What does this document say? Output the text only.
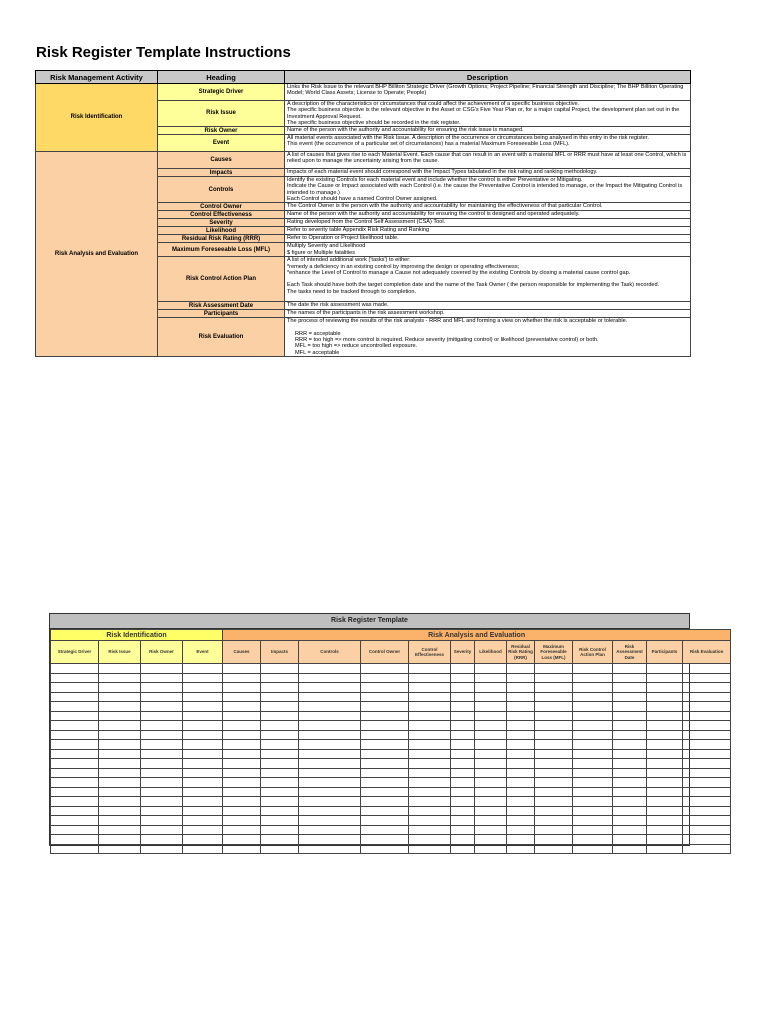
Risk Register Template Instructions
Risk Management Activity	Heading	Description
Risk Identification	Strategic Driver	Links the Risk Issue to the relevant BHP Billiton Strategic Driver (Growth Options; Project Pipeline; Financial Strength and Discipline; The BHP Billiton Operating Model; World Class Assets; License to Operate; People)

	Risk Issue	A description of the characteristics or circumstances that could affect the achievement of a specific business objective.
The specific business objective is the relevant objective in the Asset or CSG's Five Year Plan or, for a major capital Project, the development plan set out in the Investment Approval Request.
The specific business objective should be recorded in the risk register.

	Risk Owner	Name of the person with the authority and accountability for ensuring the risk issue is managed.

	Event	All material events associated with the Risk Issue. A description of the occurrence or circumstances being analysed in this entry in the risk register.
This event (the occurrence of a particular set of circumstances) has a material Maximum Foreseeable Loss (MFL).

Risk Analysis and Evaluation	Causes	A list of causes that gives rise to each Material Event. Each cause that can result in an event with a material MFL or RRR must have at least one Control, which is relied upon to manage the uncertainty arising from the cause.

	Impacts	Impacts of each material event should correspond with the Impact Types tabulated in the risk rating and ranking methodology.

	Controls	Identify the existing Controls for each material event and include whether the control is either Preventative or Mitigating.
Indicate the Cause or Impact associated with each Control (i.e. the cause the Preventative Control is intended to manage, or the Impact the Mitigating Control is intended to manage.)
Each Control should have a named Control Owner assigned.

	Control Owner	The Control Owner is the person with the authority and accountability for maintaining the effectiveness of that particular Control.

	Control Effectiveness	Name of the person with the authority and accountability for ensuring the control is designed and operated adequately.

	Severity	Rating developed from the Control Self Assessment (CSA) Tool.

	Likelihood	Refer to severity table Appendix Risk Rating and Ranking

	Residual Risk Rating (RRR)	Refer to Operation or Project likelihood table.

	Maximum Foreseeable Loss (MFL)	Multiply Severity and Likelihood
$ figure or Multiple fatalities

	Risk Control Action Plan	A list of intended additional work ('tasks') to either:
*remedy a deficiency in an existing control by improving the design or operating effectiveness;
*enhance the Level of Control to manage a Cause not adequately covered by the existing Controls by closing a material cause control gap.
Each Task should have both the target completion date and the name of the Task Owner ( the person responsible for implementing the Task) recorded.
The tasks need to be tracked through to completion.

	Risk Assessment Date	The date the risk assessment was made.

	Participants	The names of the participants in the risk assessment workshop.

	Risk Evaluation	The process of reviewing the results of the risk analysis - RRR and MFL and forming a view on whether the risk is acceptable or tolerable.
RRR = acceptable
RRR = too high => more control is required. Reduce severity (mitigating control) or likelihood (preventative control) or both.
MFL = too high => reduce uncontrolled exposure.
MFL = acceptable
Risk Register Template
Risk Identification				Risk Analysis and Evaluation												
Strategic Driver	Risk Issue	Risk Owner	Event	Causes	Impacts	Controls	Control Owner	Control Effectiveness	Severity	Likelihood	Residual Risk Rating (RRR)	Maximum Foreseeable Loss (MFL)	Risk Control Action Plan	Risk Assessment Date	Participants	Risk Evaluation
